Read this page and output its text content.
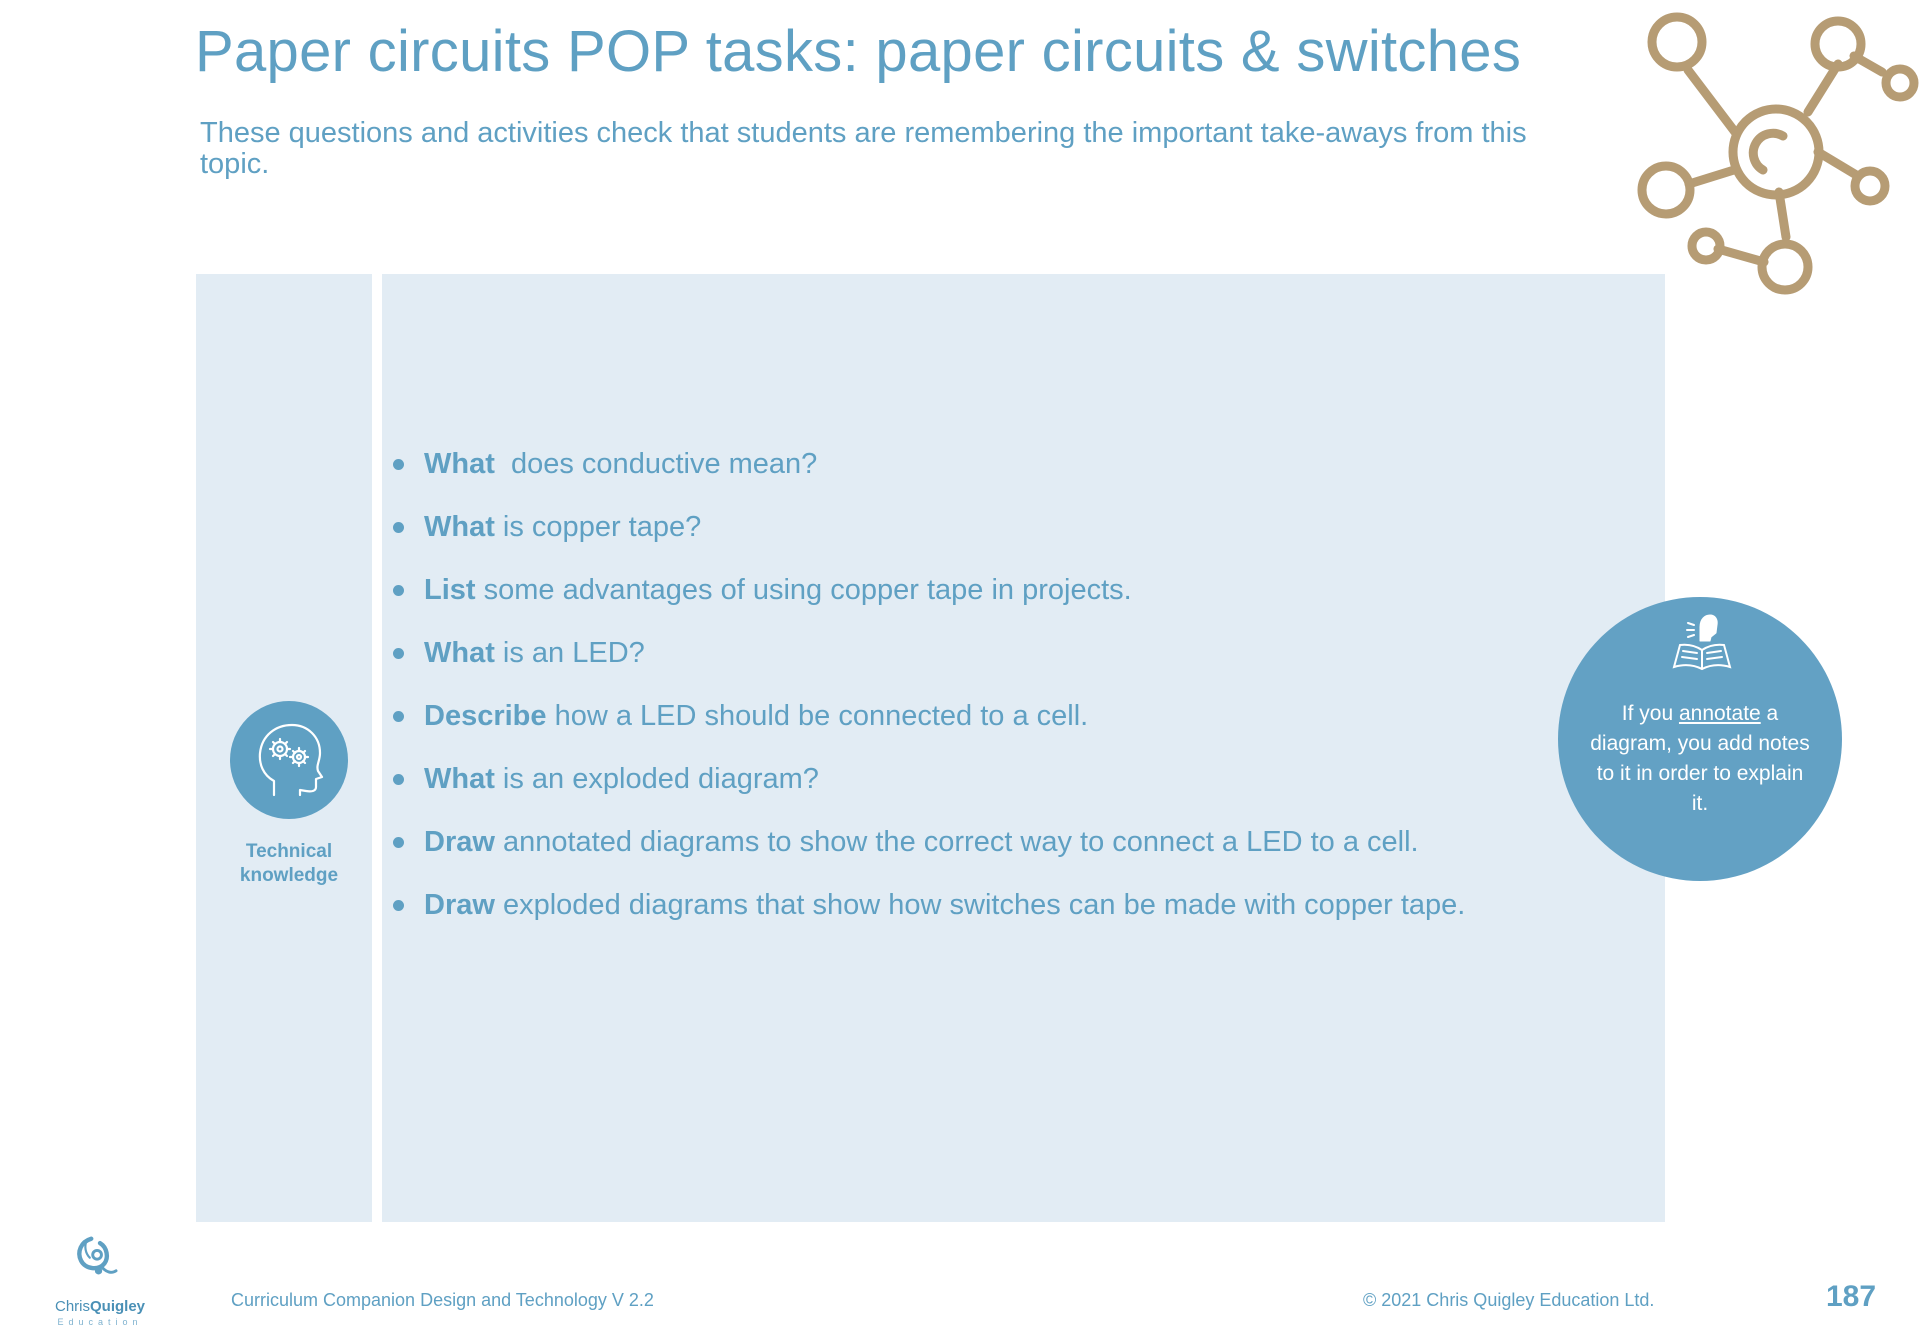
Paper circuits POP tasks: paper circuits & switches

These questions and activities check that students are remembering the important take-aways from this topic.

Technical
knowledge
What  does conductive mean?
What is copper tape?
List some advantages of using copper tape in projects.
What is an LED?
Describe how a LED should be connected to a cell.
What is an exploded diagram?
Draw annotated diagrams to show the correct way to connect a LED to a cell.
Draw exploded diagrams that show how switches can be made with copper tape.
If you annotate a diagram, you add notes to it in order to explain it.
ChrisQuigley
Education
Curriculum Companion Design and Technology V 2.2	© 2021 Chris Quigley Education Ltd.	187
